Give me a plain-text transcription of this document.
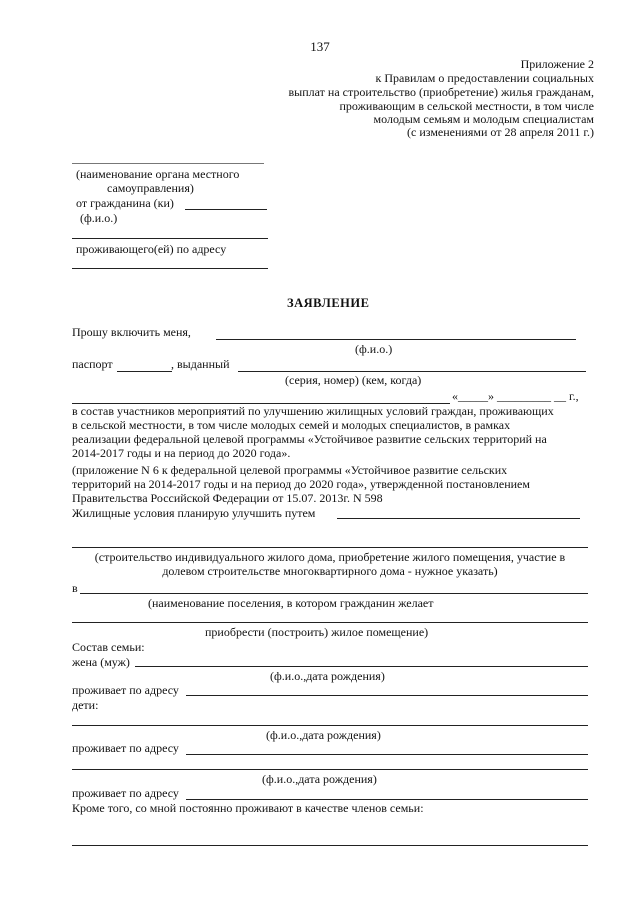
137
Приложение 2
к Правилам о предоставлении социальных
выплат на строительство (приобретение) жилья гражданам,
проживающим в сельской местности, в том числе
молодым семьям и молодым специалистам
(с изменениями от 28 апреля 2011 г.)
(наименование органа местного
самоуправления)
от гражданина (ки)
(ф.и.о.)
проживающего(ей) по адресу
ЗАЯВЛЕНИЕ
Прошу включить меня,
(ф.и.о.)
паспорт	, выданный
(серия, номер) (кем, когда)
«_____» _________ __ г.,
в состав участников мероприятий по улучшению жилищных условий граждан, проживающих
в сельской местности, в том числе молодых семей и молодых специалистов, в рамках
реализации федеральной целевой программы «Устойчивое развитие сельских территорий на
2014-2017 годы и на период до 2020 года».
(приложение N 6 к федеральной целевой программы «Устойчивое развитие сельских
территорий на 2014-2017 годы и на период до 2020 года», утвержденной постановлением
Правительства Российской Федерации от 15.07. 2013г. N 598
Жилищные условия планирую улучшить путем
(строительство индивидуального жилого дома, приобретение жилого помещения, участие в
долевом строительстве многоквартирного дома - нужное указать)
в
(наименование поселения, в котором гражданин желает
приобрести (построить) жилое помещение)
Состав семьи:
жена (муж)
(ф.и.о.,дата рождения)
проживает по адресу
дети:
(ф.и.о.,дата рождения)
проживает по адресу
(ф.и.о.,дата рождения)
проживает по адресу
Кроме того, со мной постоянно проживают в качестве членов семьи:
